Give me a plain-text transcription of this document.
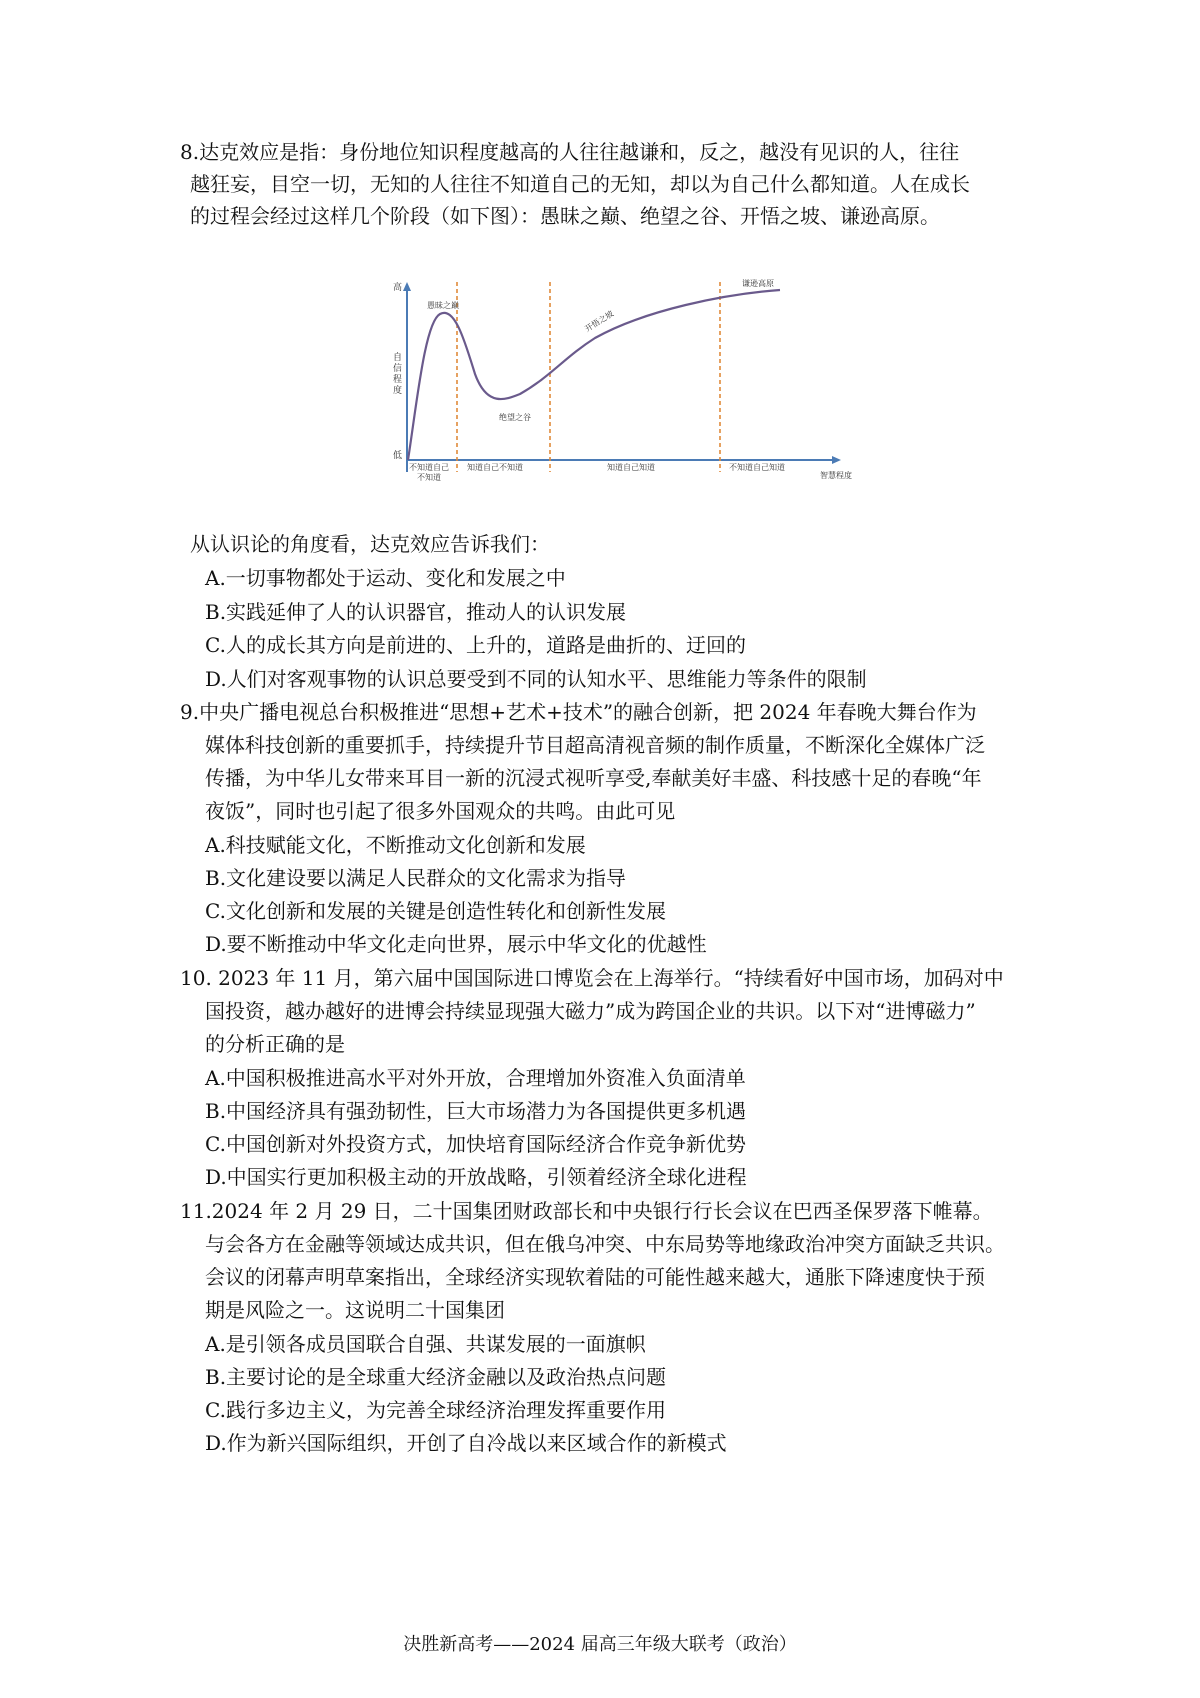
8.达克效应是指：身份地位知识程度越高的人往往越谦和，反之，越没有见识的人，往往

越狂妄，目空一切，无知的人往往不知道自己的无知，却以为自己什么都知道。人在成长

的过程会经过这样几个阶段（如下图）：愚昧之巅、绝望之谷、开悟之坡、谦逊高原。

高
自
信
程
度
低
愚昧之巅
绝望之谷
开悟之坡
谦逊高原
不知道自己
不知道
知道自己不知道	知道自己知道	不知道自己知道
智慧程度

从认识论的角度看，达克效应告诉我们：

A.一切事物都处于运动、变化和发展之中
B.实践延伸了人的认识器官，推动人的认识发展
C.人的成长其方向是前进的、上升的，道路是曲折的、迂回的
D.人们对客观事物的认识总要受到不同的认知水平、思维能力等条件的限制

9.中央广播电视总台积极推进“思想+艺术+技术”的融合创新，把 2024 年春晚大舞台作为

媒体科技创新的重要抓手，持续提升节目超高清视音频的制作质量，不断深化全媒体广泛

传播，为中华儿女带来耳目一新的沉浸式视听享受,奉献美好丰盛、科技感十足的春晚“年

夜饭”，同时也引起了很多外国观众的共鸣。由此可见

A.科技赋能文化，不断推动文化创新和发展
B.文化建设要以满足人民群众的文化需求为指导
C.文化创新和发展的关键是创造性转化和创新性发展
D.要不断推动中华文化走向世界，展示中华文化的优越性

10. 2023 年 11 月，第六届中国国际进口博览会在上海举行。“持续看好中国市场，加码对中

国投资，越办越好的进博会持续显现强大磁力”成为跨国企业的共识。以下对“进博磁力”

的分析正确的是

A.中国积极推进高水平对外开放，合理增加外资准入负面清单
B.中国经济具有强劲韧性，巨大市场潜力为各国提供更多机遇
C.中国创新对外投资方式，加快培育国际经济合作竞争新优势
D.中国实行更加积极主动的开放战略，引领着经济全球化进程

11.2024 年 2 月 29 日，二十国集团财政部长和中央银行行长会议在巴西圣保罗落下帷幕。

与会各方在金融等领域达成共识，但在俄乌冲突、中东局势等地缘政治冲突方面缺乏共识。

会议的闭幕声明草案指出，全球经济实现软着陆的可能性越来越大，通胀下降速度快于预

期是风险之一。这说明二十国集团

A.是引领各成员国联合自强、共谋发展的一面旗帜
B.主要讨论的是全球重大经济金融以及政治热点问题
C.践行多边主义，为完善全球经济治理发挥重要作用
D.作为新兴国际组织，开创了自冷战以来区域合作的新模式
决胜新高考——2024 届高三年级大联考（政治）
